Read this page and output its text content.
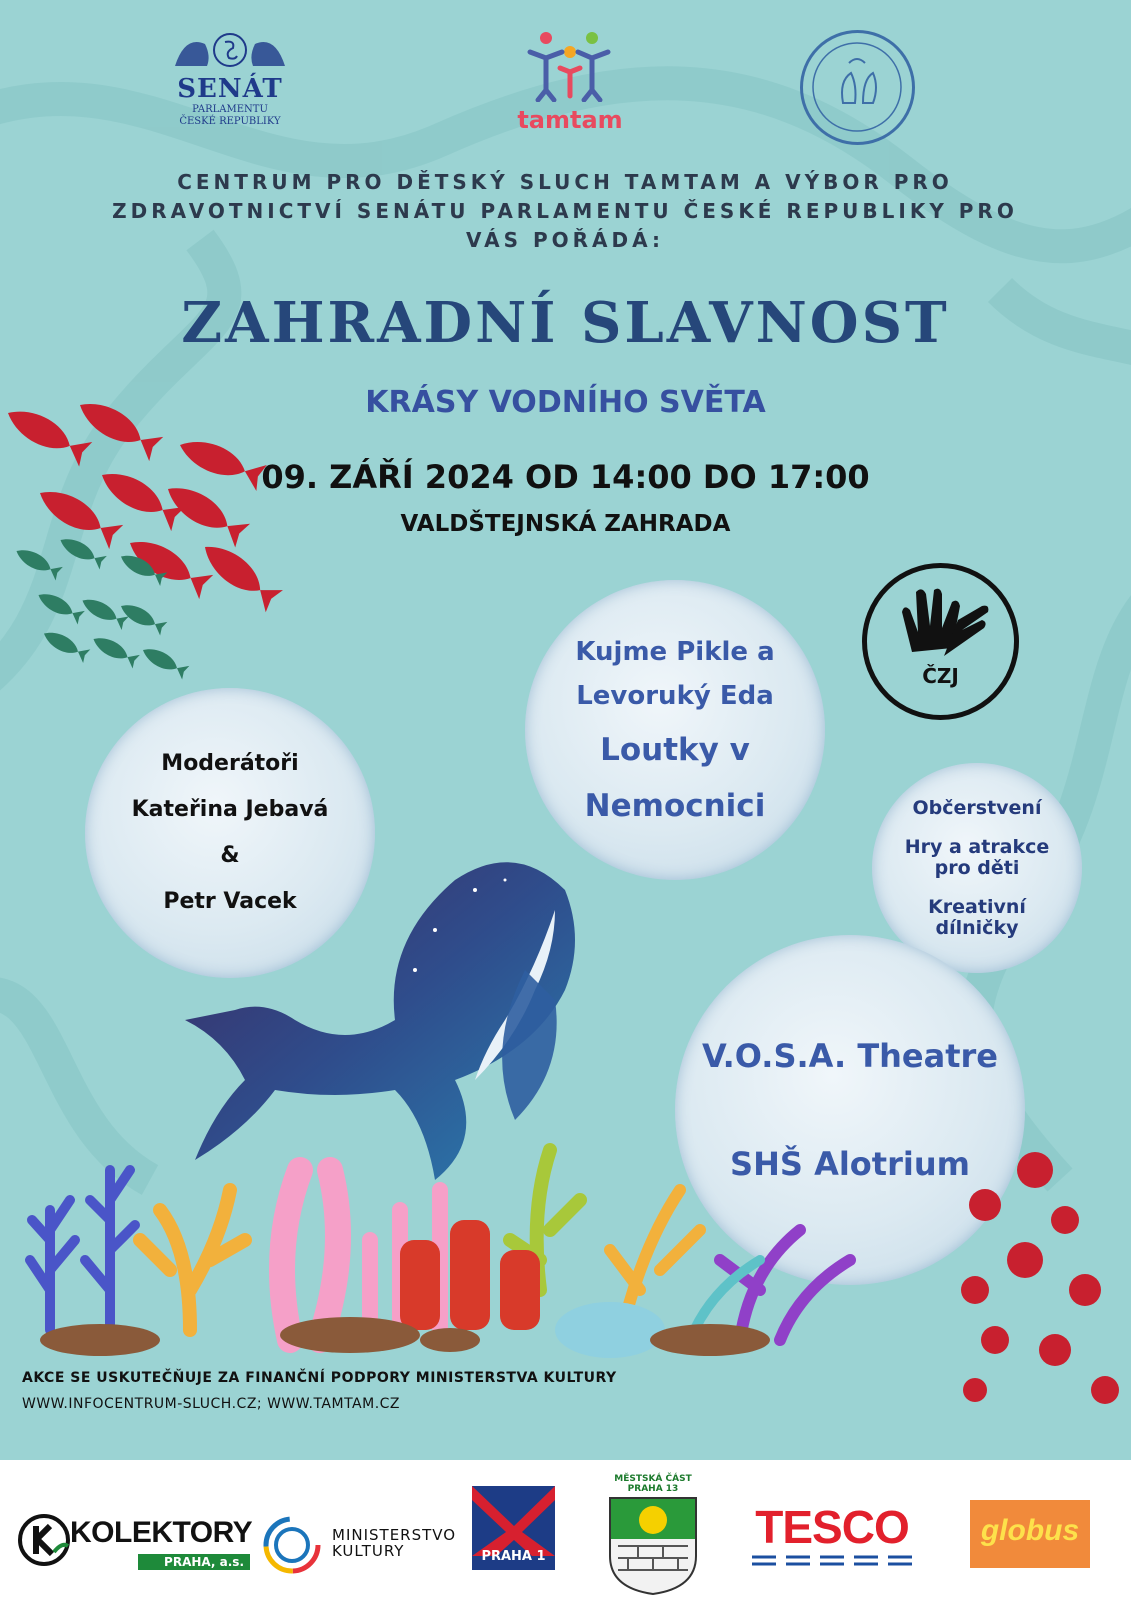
SENÁT
PARLAMENTU
ČESKÉ REPUBLIKY	tamtam
CENTRUM PRO DĚTSKÝ SLUCH TAMTAM A VÝBOR PRO ZDRAVOTNICTVÍ SENÁTU PARLAMENTU ČESKÉ REPUBLIKY PRO VÁS POŘÁDÁ:
ZAHRADNÍ SLAVNOST
KRÁSY VODNÍHO SVĚTA
09. ZÁŘÍ 2024 OD 14:00 DO 17:00
VALDŠTEJNSKÁ ZAHRADA
ČZJ
Moderátoři
Kateřina Jebavá
&
Petr Vacek
Kujme Pikle a
Levoruký Eda
Loutky v
Nemocnici	Občerstvení
Hry a atrakce
pro děti
Kreativní
dílničky
V.O.S.A. Theatre
SHŠ Alotrium
AKCE SE USKUTEČŇUJE ZA FINANČNÍ PODPORY MINISTERSTVA KULTURY
WWW.INFOCENTRUM-SLUCH.CZ; WWW.TAMTAM.CZ
KOLEKTORY
PRAHA, a.s.
MINISTERSTVO
KULTURY	PRAHA 1
MĚSTSKÁ ČÁST
PRAHA 13
TESCO	globus
